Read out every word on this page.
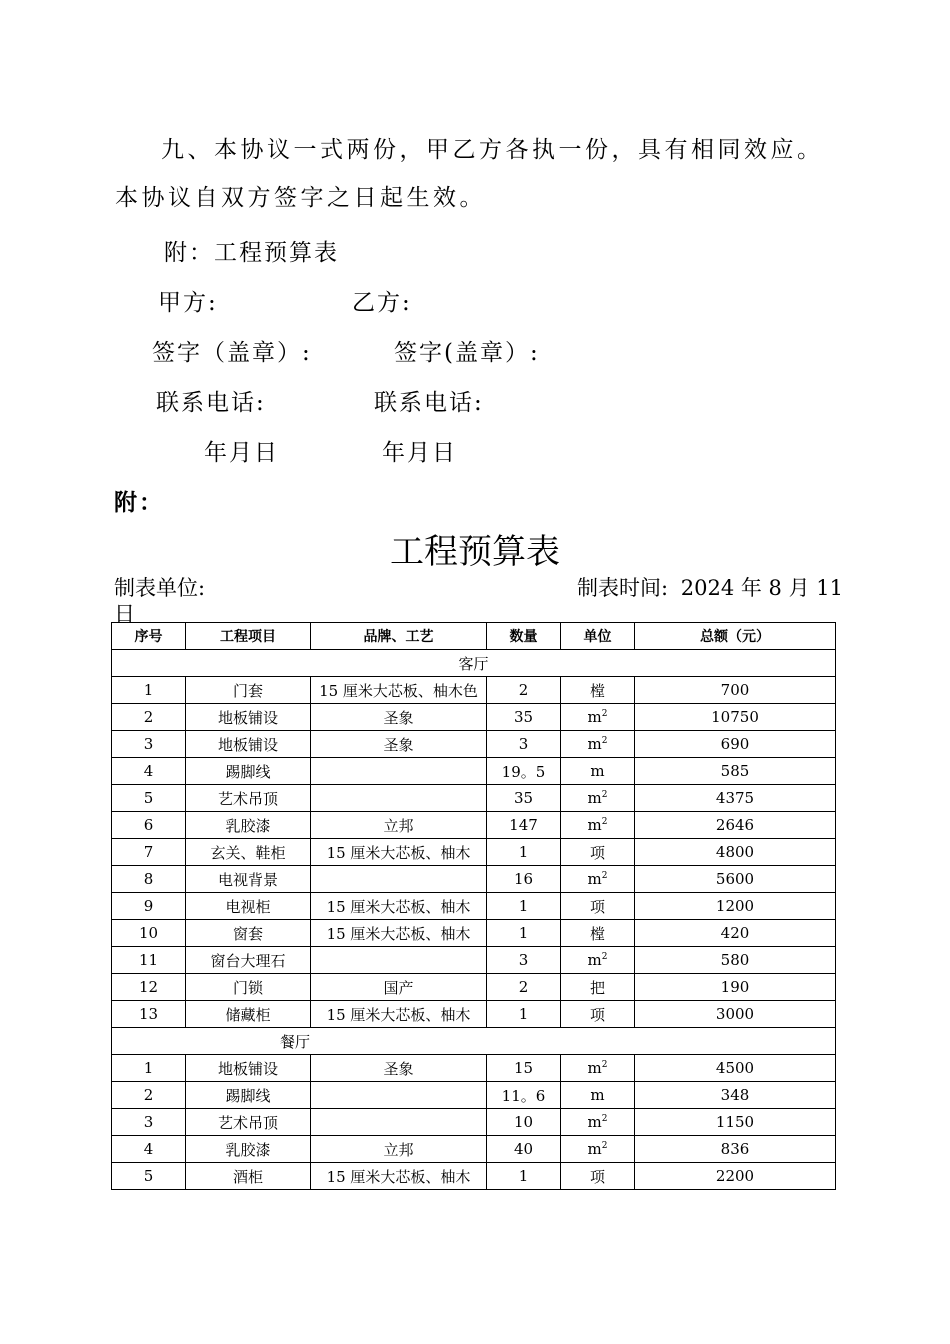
九、本协议一式两份，甲乙方各执一份，具有相同效应。本协议自双方签字之日起生效。

附：工程预算表
甲方:	乙方:
签字（盖章）:	签字(盖章）:
联系电话:	联系电话:
年月日	年月日
附：
工程预算表
制表单位:	制表时间: 2024 年 8 月 11
日
序号	工程项目	品牌、工艺	数量	单位	总额（元）
客厅					
1	门套	15 厘米大芯板、柚木色	2	樘	700
2	地板铺设	圣象	35	$m^2$	10750
3	地板铺设	圣象	3	$m^2$	690
4	踢脚线		19。5	m	585
5	艺术吊顶		35	$m^2$	4375
6	乳胶漆	立邦	147	$m^2$	2646
7	玄关、鞋柜	15 厘米大芯板、柚木	1	项	4800
8	电视背景		16	$m^2$	5600
9	电视柜	15 厘米大芯板、柚木	1	项	1200
10	窗套	15 厘米大芯板、柚木	1	樘	420
11	窗台大理石		3	$m^2$	580
12	门锁	国产	2	把	190
13	储藏柜	15 厘米大芯板、柚木	1	项	3000
餐厅					
1	地板铺设	圣象	15	$m^2$	4500
2	踢脚线		11。6	m	348
3	艺术吊顶		10	$m^2$	1150
4	乳胶漆	立邦	40	$m^2$	836
5	酒柜	15 厘米大芯板、柚木	1	项	2200
